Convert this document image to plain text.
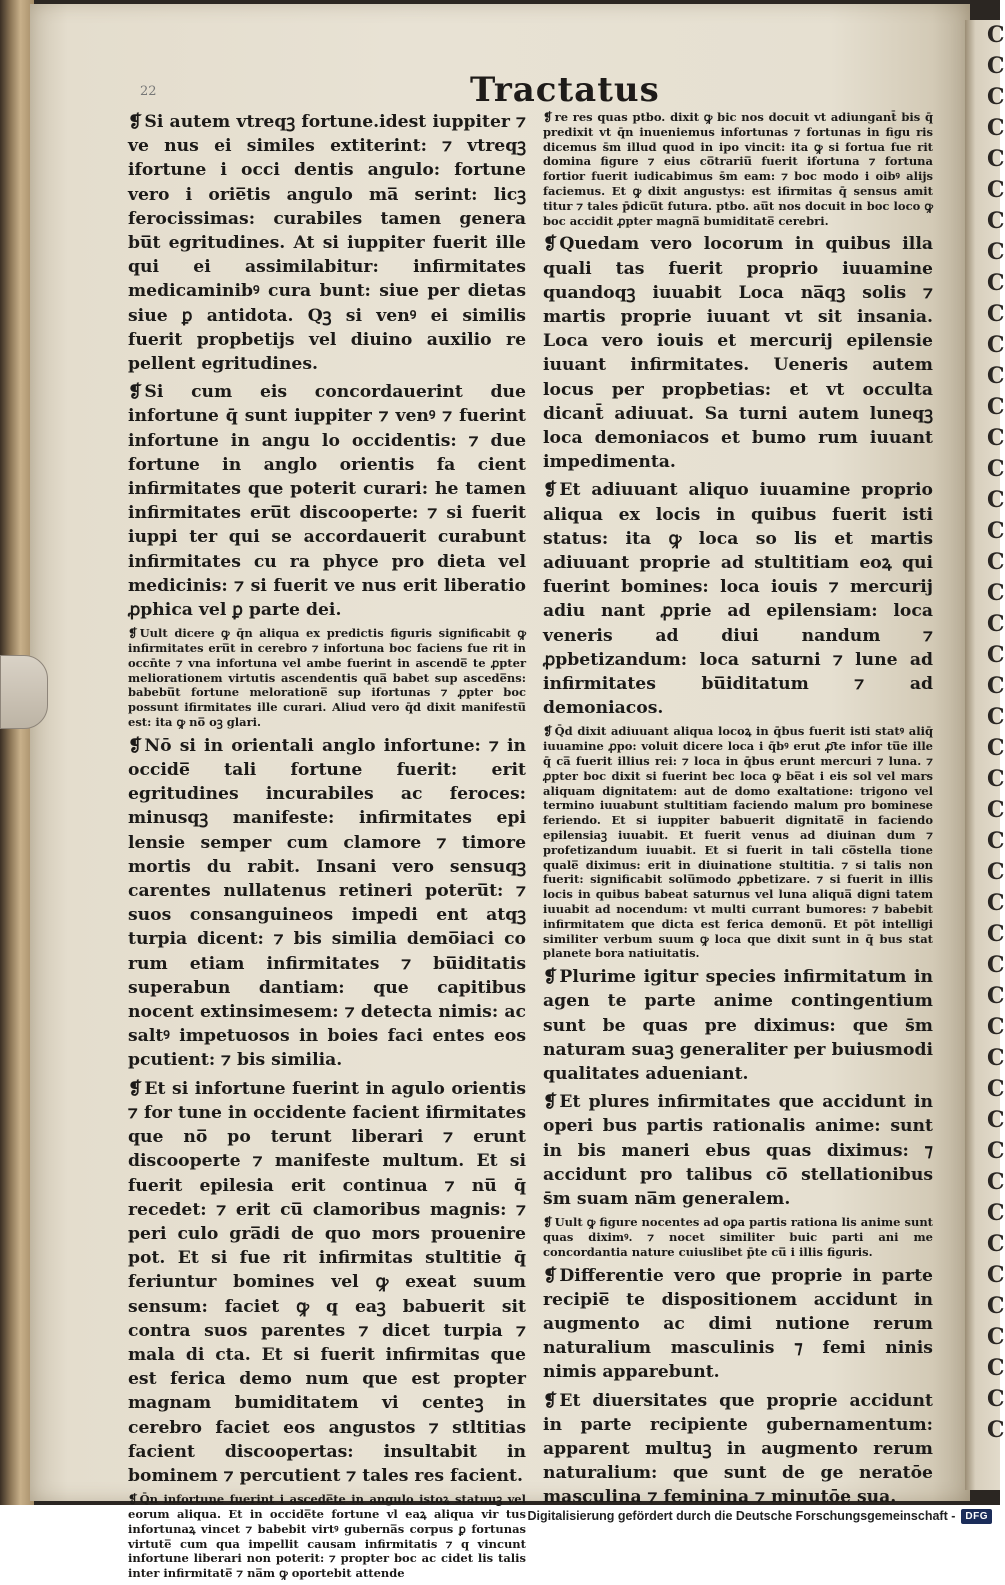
C
C
C
C
C
C
C
C
C
C
C
C
C
C
C
C
C
C
C
C
C
C
C
C
C
C
C
C
C
C
C
C
C
C
C
C
C
C
C
C
C
C
C
C
C
C
22	Tractatus

❡ Si autem vtreqꝫ fortune.idest iuppiter ⁊ ve nus ei similes extiterint: ⁊ vtreqꝫ ifortune i occi dentis angulo: fortune vero i orie̅tis angulo ma̅ serint: licꝫ ferocissimas: curabiles tamen genera bu̅t egritudines. At si iuppiter fuerit ille qui ei assimilabitur: infirmitates medicaminibꝰ cura bunt: siue per dietas siue ꝑ antidota. Qꝫ si venꝰ ei similis fuerit propbetijs vel diuino auxilio re pellent egritudines.

❡ Si cum eis concordauerint due infortune q̄ sunt iuppiter ⁊ venꝰ ⁊ fuerint infortune in angu lo occidentis: ⁊ due fortune in anglo orientis fa cient infirmitates que poterit curari: he tamen infirmitates eru̅t discooperte: ⁊ si fuerit iuppi ter qui se accordauerit curabunt infirmitates cu ra phyce pro dieta vel medicinis: ⁊ si fuerit ve nus erit liberatio ꝓphica vel ꝑ parte dei.

❡ Uult dicere ꝙ q̄n aliqua ex predictis figuris significabit ꝙ infirmitates eru̅t in cerebro ⁊ infortuna boc faciens fue rit in occn̄te ⁊ vna infortuna vel ambe fuerint in ascende̅ te ꝓpter meliorationem virtutis ascendentis qua̅ babet sup ascede̅ns: babebu̅t fortune meloratione̅ sup ifortunas ⁊ ꝓpter boc possunt ifirmitates ille curari. Aliud vero q̄d dixit manifestu̅ est: ita ꝙ no̅ oꝫ glari.

❡ Nō si in orientali anglo infortune: ⁊ in occide̅ tali fortune fuerit: erit egritudines incurabiles ac feroces: minusqꝫ manifeste: infirmitates epi lensie semper cum clamore ⁊ timore mortis du rabit. Insani vero sensuqꝫ carentes nullatenus retineri poteru̅t: ⁊ suos consanguineos impedi ent atqꝫ turpia dicent: ⁊ bis similia demo̅iaci co rum etiam infirmitates ⁊ bu̅iditatis superabun dantiam: que capitibus nocent extinsimesem: ⁊ detecta nimis: ac saltꝰ impetuosos in boies faci entes eos pcutient: ⁊ bis similia.

❡ Et si infortune fuerint in agulo orientis ⁊ for tune in occidente facient ifirmitates que no̅ po terunt liberari ⁊ erunt discooperte ⁊ manifeste multum. Et si fuerit epilesia erit continua ⁊ nu̅ q̄ recedet: ⁊ erit cu̅ clamoribus magnis: ⁊ peri culo gra̅di de quo mors prouenire pot. Et si fue rit infirmitas stultitie q̄ feriuntur bomines vel ꝙ exeat suum sensum: faciet ꝙ q eaꝫ babuerit sit contra suos parentes ⁊ dicet turpia ⁊ mala di cta. Et si fuerit infirmitas que est ferica demo num que est propter magnam bumiditatem vi centeꝫ in cerebro faciet eos angustos ⁊ stltitias facient discoopertas: insultabit in bominem ⁊ percutient ⁊ tales res facient.

❡ Q̄n infortune fuerint i ascede̅te in angulo istoꝝ statuuꝫ vel eorum aliqua. Et in occide̅te fortune vl eaꝝ aliqua vir tus infortunaꝝ vincet ⁊ babebit virtꝰ guberna̅s corpus ꝑ fortunas virtute̅ cum qua impellit causam infirmitatis ⁊ q vincunt infortune liberari non poterit: ⁊ propter boc ac cidet lis talis inter infirmitate̅ ⁊ na̅m ꝙ oportebit attende

❡ re res quas ptbo. dixit ꝙ bic nos docuit vt adiungant̄ bis q̄ predixit vt q̄n inueniemus infortunas ⁊ fortunas in figu ris dicemus s̄m illud quod in ipo vincit: ita ꝙ si fortua fue rit domina figure ⁊ eius co̅trariu̅ fuerit ifortuna ⁊ fortuna fortior fuerit iudicabimus s̄m eam: ⁊ boc modo i oibꝰ alijs faciemus. Et ꝙ dixit angustys: est ifirmitas q̄ sensus amit titur ⁊ tales p̄dicu̅t futura. ptbo. au̅t nos docuit in boc loco ꝙ boc accidit ꝓpter magna̅ bumiditate̅ cerebri.

❡ Quedam vero locorum in quibus illa quali tas fuerit proprio iuuamine quandoqꝫ iuuabit Loca na̅qꝫ solis ⁊ martis proprie iuuant vt sit insania. Loca vero iouis et mercurij epilensie iuuant infirmitates. Ueneris autem locus per propbetias: et vt occulta dicant̄ adiuuat. Sa turni autem luneqꝫ loca demoniacos et bumo rum iuuant impedimenta.

❡ Et adiuuant aliquo iuuamine proprio aliqua ex locis in quibus fuerit isti status: ita ꝙ loca so lis et martis adiuuant proprie ad stultitiam eoꝝ qui fuerint bomines: loca iouis ⁊ mercurij adiu nant ꝓprie ad epilensiam: loca veneris ad diui nandum ⁊ ꝓpbetizandum: loca saturni ⁊ lune ad infirmitates bu̅iditatum ⁊ ad demoniacos.

❡ Q̄d dixit adiuuant aliqua locoꝝ in q̄bus fuerit isti statꝰ aliq̄ iuuamine ꝓpo: voluit dicere loca i q̄bꝰ erut ꝓ̄te infor tu̅e ille q̄ ca̅ fuerit illius rei: ⁊ loca in q̄bus erunt mercuri ⁊ luna. ⁊ ꝓpter boc dixit si fuerint bec loca ꝙ be̅at i eis sol vel mars aliquam dignitatem: aut de domo exaltatione: trigono vel termino iuuabunt stultitiam faciendo malum pro bominese feriendo. Et si iuppiter babuerit dignitate̅ in faciendo epilensiaꝫ iuuabit. Et fuerit venus ad diuinan dum ⁊ profetizandum iuuabit. Et si fuerit in tali co̅stella tione quale̅ diximus: erit in diuinatione stultitia. ⁊ si talis non fuerit: significabit solu̅modo ꝓpbetizare. ⁊ si fuerit in illis locis in quibus babeat saturnus vel luna aliqua̅ digni tatem iuuabit ad nocendum: vt multi currant bumores: ⁊ babebit infirmitatem que dicta est ferica demonu̅. Et pōt intelligi similiter verbum suum ꝙ loca que dixit sunt in q̄ bus stat planete bora natiuitatis.

❡ Plurime igitur species infirmitatum in agen te parte anime contingentium sunt be quas pre diximus: que s̄m naturam suaꝫ generaliter per buiusmodi qualitates adueniant.

❡ Et plures infirmitates que accidunt in operi bus partis rationalis anime: sunt in bis maneri ebus quas diximus: ⁊ accidunt pro talibus co̅ stellationibus s̄m suam na̅m generalem.

❡ Uult ꝙ figure nocentes ad oꝑa partis rationa lis anime sunt quas diximꝰ. ⁊ nocet similiter buic parti ani me concordantia nature cuiuslibet p̄te cu̅ i illis figuris.

❡ Differentie vero que proprie in parte recipie̅ te dispositionem accidunt in augmento ac dimi nutione rerum naturalium masculinis ⁊ femi ninis nimis apparebunt.

❡ Et diuersitates que proprie accidunt in parte recipiente gubernamentum: apparent multuꝫ in augmento rerum naturalium: que sunt de ge neratōe masculina ⁊ feminina ⁊ minutōe sua.

Digitalisierung gefördert durch die Deutsche Forschungsgemeinschaft -	DFG
